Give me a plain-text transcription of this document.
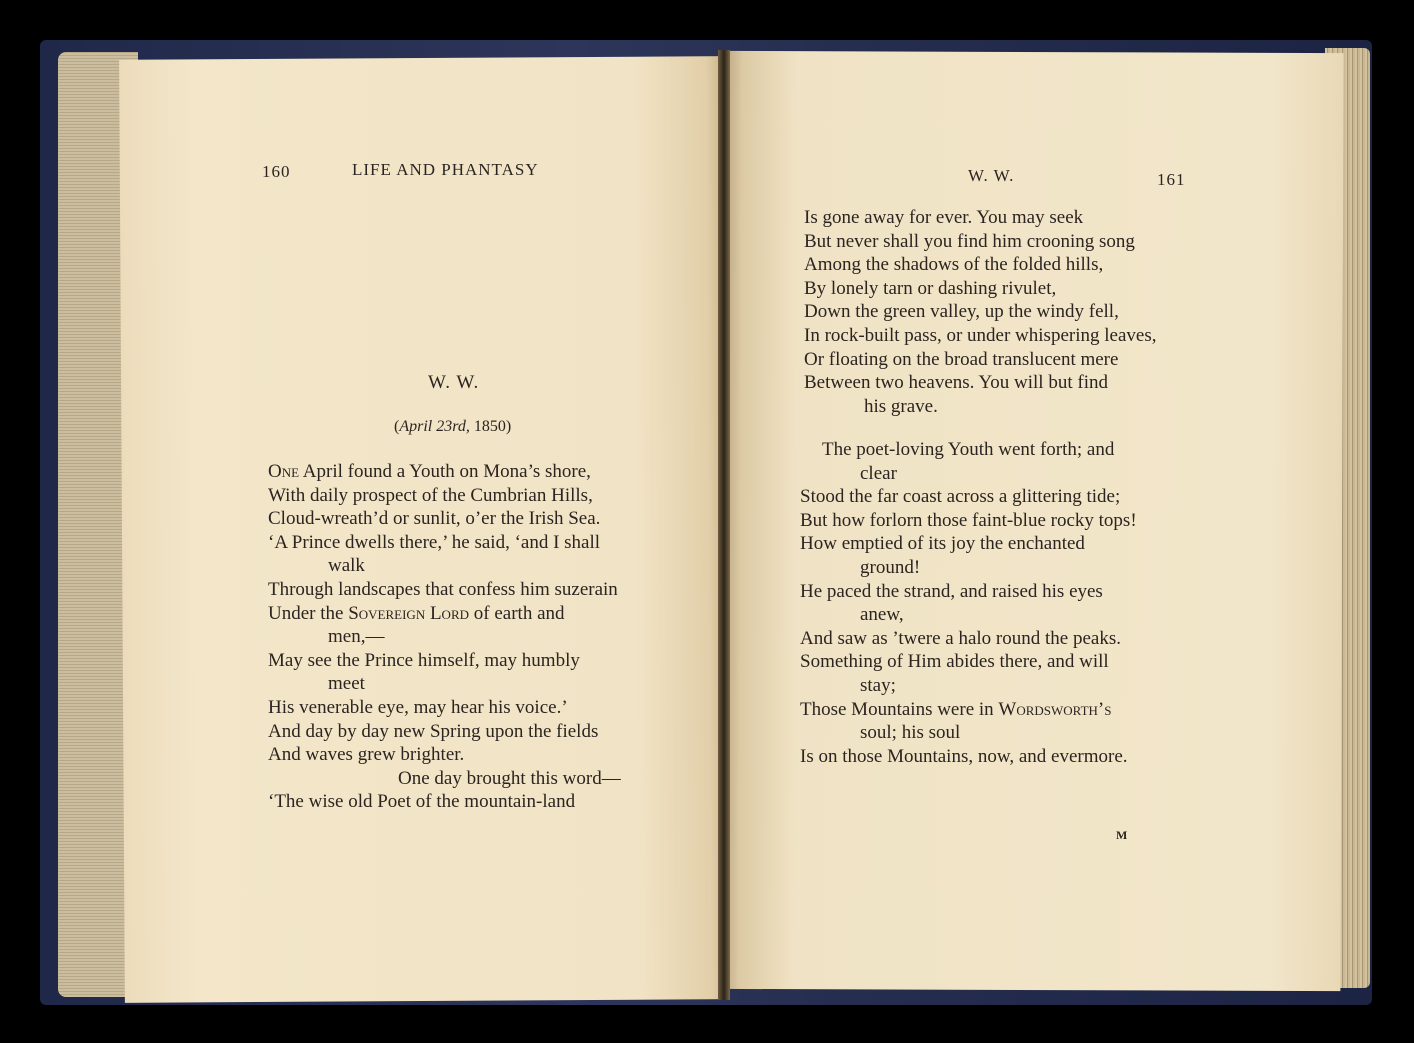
160	LIFE AND PHANTASY
W. W.
(April 23rd, 1850)
One April found a Youth on Mona’s shore,
With daily prospect of the Cumbrian Hills,
Cloud-wreath’d or sunlit, o’er the Irish Sea.
‘A Prince dwells there,’ he said, ‘and I shall
walk
Through landscapes that confess him suzerain
Under the Sovereign Lord of earth and
men,—
May see the Prince himself, may humbly
meet
His venerable eye, may hear his voice.’
And day by day new Spring upon the fields
And waves grew brighter.
One day brought this word—
‘The wise old Poet of the mountain-land
W. W.	161
Is gone away for ever. You may seek
But never shall you find him crooning song
Among the shadows of the folded hills,
By lonely tarn or dashing rivulet,
Down the green valley, up the windy fell,
In rock-built pass, or under whispering leaves,
Or floating on the broad translucent mere
Between two heavens. You will but find
his grave.
The poet-loving Youth went forth; and
clear
Stood the far coast across a glittering tide;
But how forlorn those faint-blue rocky tops!
How emptied of its joy the enchanted
ground!
He paced the strand, and raised his eyes
anew,
And saw as ’twere a halo round the peaks.
Something of Him abides there, and will
stay;
Those Mountains were in Wordsworth’s
soul; his soul
Is on those Mountains, now, and evermore.
M
